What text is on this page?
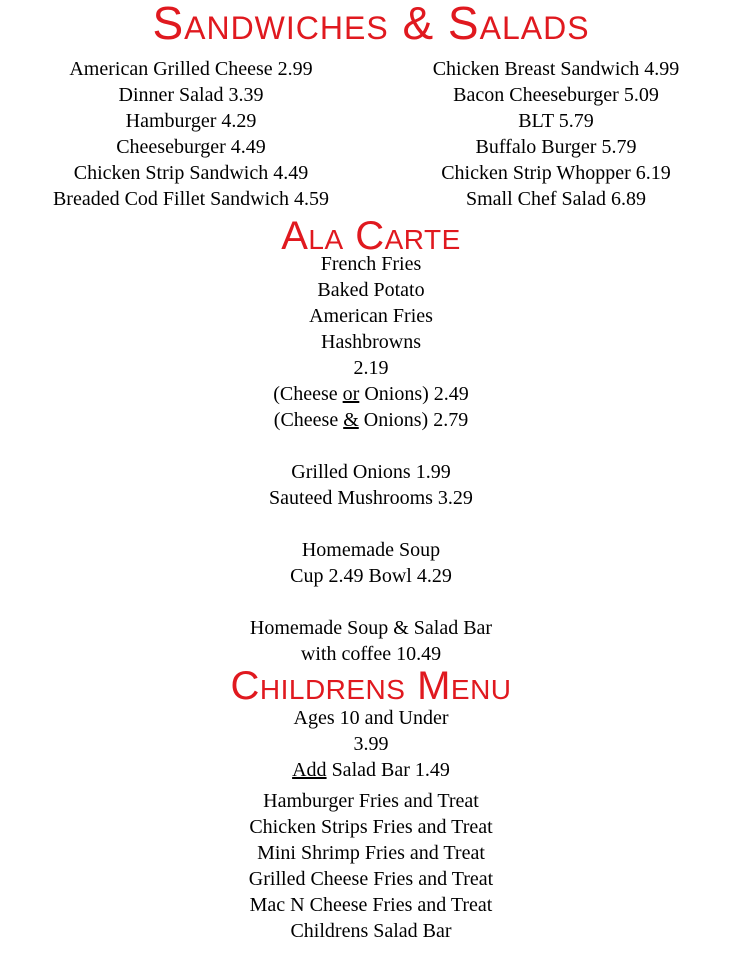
Sandwiches & Salads
American Grilled Cheese 2.99
Dinner Salad 3.39
Hamburger 4.29
Cheeseburger 4.49
Chicken Strip Sandwich 4.49
Breaded Cod Fillet Sandwich 4.59
Chicken Breast Sandwich 4.99
Bacon Cheeseburger 5.09
BLT 5.79
Buffalo Burger 5.79
Chicken Strip Whopper 6.19
Small Chef Salad 6.89
Ala Carte
French Fries
Baked Potato
American Fries
Hashbrowns
2.19
(Cheese or Onions) 2.49
(Cheese & Onions) 2.79
Grilled Onions 1.99
Sauteed Mushrooms 3.29
Homemade Soup
Cup 2.49 Bowl 4.29
Homemade Soup & Salad Bar
with coffee 10.49
Childrens Menu
Ages 10 and Under
3.99
Add Salad Bar 1.49
Hamburger Fries and Treat
Chicken Strips Fries and Treat
Mini Shrimp Fries and Treat
Grilled Cheese Fries and Treat
Mac N Cheese Fries and Treat
Childrens Salad Bar
